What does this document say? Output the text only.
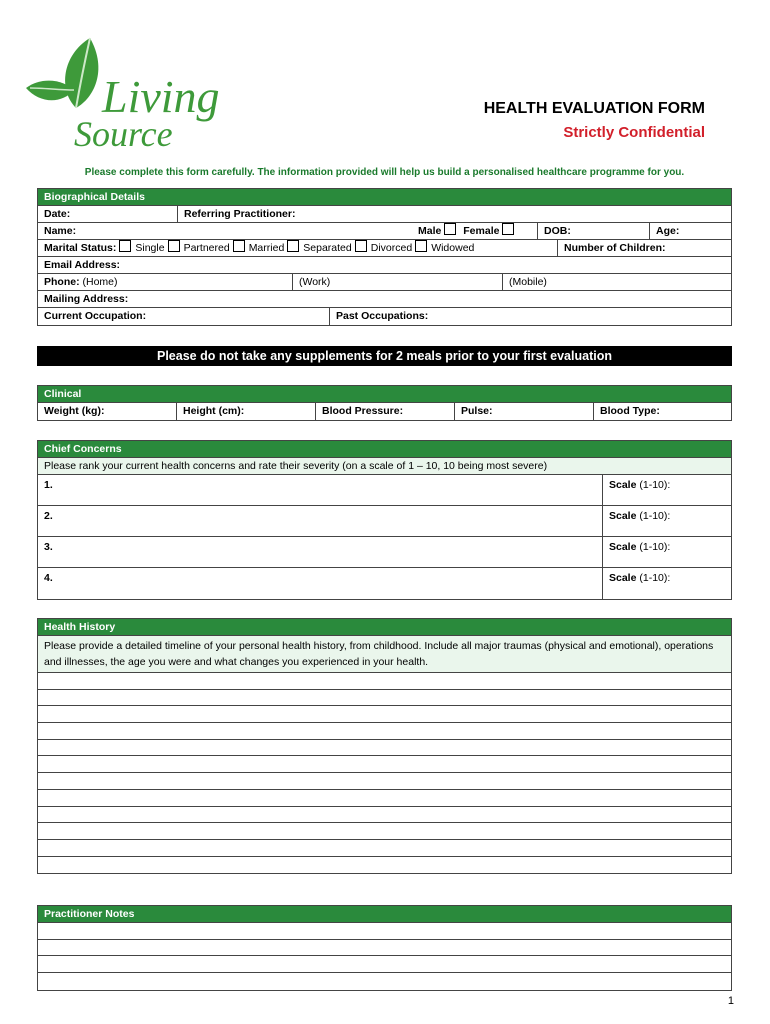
Living
Source
HEALTH EVALUATION FORM
Strictly Confidential
Please complete this form carefully. The information provided will help us build a personalised healthcare programme for you.
Biographical Details
Date:	Referring Practitioner:
Name:	Male Female	DOB:	Age:
Marital Status: Single Partnered Married Separated Divorced Widowed	Number of Children:
Email Address:
Phone: (Home)	(Work)	(Mobile)
Mailing Address:
Current Occupation:	Past Occupations:
Please do not take any supplements for 2 meals prior to your first evaluation
Clinical
Weight (kg):	Height (cm):	Blood Pressure:	Pulse:	Blood Type:
Chief Concerns
Please rank your current health concerns and rate their severity (on a scale of 1 – 10, 10 being most severe)
1.	Scale (1-10):
2.	Scale (1-10):
3.	Scale (1-10):
4.	Scale (1-10):
Health History
Please provide a detailed timeline of your personal health history, from childhood. Include all major traumas (physical and emotional), operations and illnesses, the age you were and what changes you experienced in your health.
Practitioner Notes
1
